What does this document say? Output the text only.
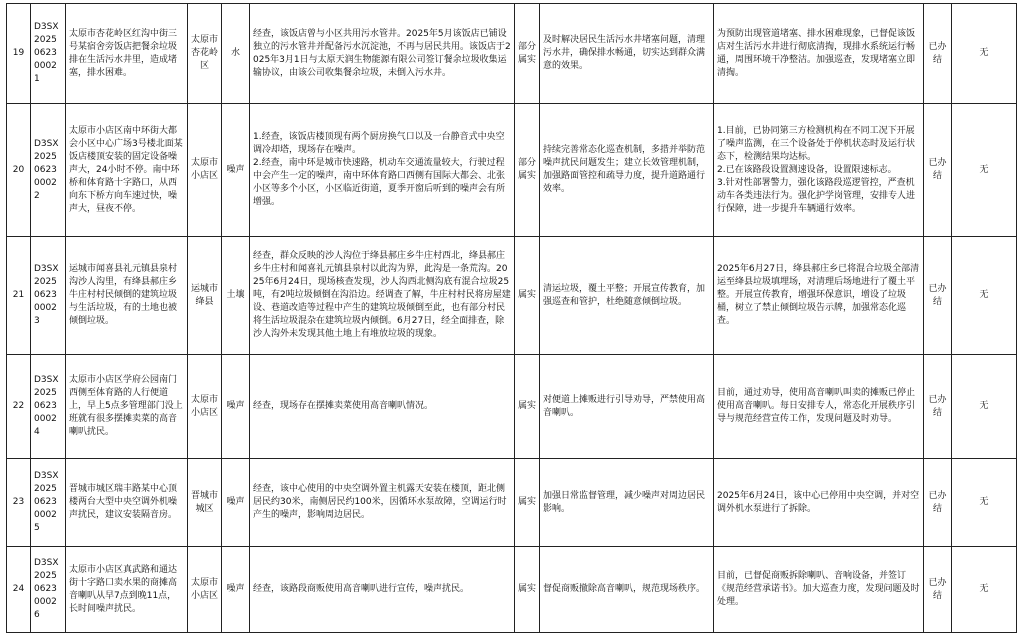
19	D3SX2025062300021	太原市杏花岭区红沟中街三号某宿舍旁饭店把餐余垃圾排在生活污水井里，造成堵塞，排水困难。	太原市杏花岭区	水	经查，该饭店曾与小区共用污水管井。2025年5月该饭店已铺设独立的污水管井并配备污水沉淀池，不再与居民共用。该饭店于2025年3月1日与太原天润生物能源有限公司签订餐余垃圾收集运输协议，由该公司收集餐余垃圾，未倒入污水井。	部分属实	及时解决居民生活污水井堵塞问题，清理污水井，确保排水畅通，切实达到群众满意的效果。	为预防出现管道堵塞、排水困难现象，已督促该饭店对生活污水井进行彻底清掏，现排水系统运行畅通，周围环境干净整洁。加强巡查，发现堵塞立即清掏。	已办结	无
20	D3SX2025062300022	太原市小店区南中环街大都会小区中心广场3号楼北面某饭店楼顶安装的固定设备噪声大，24小时不停。南中环桥和体育路十字路口，从西向东下桥方向车速过快，噪声大，昼夜不停。	太原市小店区	噪声	1.经查，该饭店楼顶现有两个厨房换气口以及一台静音式中央空调冷却塔，现场存在噪声。
2.经查，南中环是城市快速路，机动车交通流量较大，行驶过程中会产生一定的噪声，南中环体育路口西侧有国际大都会、北张小区等多个小区，小区临近街道，夏季开窗后听到的噪声会有所增强。	部分属实	持续完善常态化巡查机制，多措并举防范噪声扰民问题发生；建立长效管理机制，加强路面管控和疏导力度，提升道路通行效率。	1.目前，已协同第三方检测机构在不同工况下开展了噪声监测，在三个设备处于停机状态时及运行状态下，检测结果均达标。
2.已在该路段设置测速设备，设置限速标志。
3.针对性部署警力，强化该路段巡逻管控，严查机动车各类违法行为。强化护学岗管理，安排专人进行保障，进一步提升车辆通行效率。	已办结	无
21	D3SX2025062300023	运城市闻喜县礼元镇县泉村沟沙人沟里，有绛县郝庄乡牛庄村村民倾倒的建筑垃圾与生活垃圾，有的土地也被倾倒垃圾。	运城市绛县	土壤	经查，群众反映的沙人沟位于绛县郝庄乡牛庄村西北，绛县郝庄乡牛庄村和闻喜礼元镇县泉村以此沟为界，此沟是一条荒沟。2025年6月24日，现场核查发现，沙人沟西北侧沟底有混合垃圾25吨，有2吨垃圾倾倒在沟沿边。经调查了解，牛庄村村民将房屋建设、巷道改造等过程中产生的建筑垃圾倾倒至此，也有部分村民将生活垃圾混杂在建筑垃圾内倾倒。6月27日，经全面排查，除沙人沟外未发现其他土地上有堆放垃圾的现象。	属实	清运垃圾，覆土平整；开展宣传教育，加强巡查和管护，杜绝随意倾倒垃圾。	2025年6月27日，绛县郝庄乡已将混合垃圾全部清运至绛县垃圾填埋场，对清理后场地进行了覆土平整。开展宣传教育，增强环保意识，增设了垃圾桶，树立了禁止倾倒垃圾告示牌，加强常态化巡查。	已办结	无
22	D3SX2025062300024	太原市小店区学府公园南门西侧至体育路的人行便道上，早上5点多管理部门没上班就有很多摆摊卖菜的高音喇叭扰民。	太原市小店区	噪声	经查，现场存在摆摊卖菜使用高音喇叭情况。	属实	对便道上摊贩进行引导劝导，严禁使用高音喇叭。	目前，通过劝导，使用高音喇叭叫卖的摊贩已停止使用高音喇叭。每日安排专人，常态化开展秩序引导与规范经营宣传工作，发现问题及时劝导。	已办结	无
23	D3SX2025062300025	晋城市城区瑞丰路某中心顶楼两台大型中央空调外机噪声扰民，建议安装隔音房。	晋城市城区	噪声	经查，该中心使用的中央空调外置主机露天安装在楼顶，距北侧居民约30米，南侧居民约100米，因循环水泵故障，空调运行时产生的噪声，影响周边居民。	属实	加强日常监督管理，减少噪声对周边居民影响。	2025年6月24日，该中心已停用中央空调，并对空调外机水泵进行了拆除。	已办结	无
24	D3SX2025062300026	太原市小店区真武路和通达街十字路口卖水果的商摊高音喇叭从早7点到晚11点，长时间噪声扰民。	太原市小店区	噪声	经查，该路段商贩使用高音喇叭进行宣传，噪声扰民。	属实	督促商贩撤除高音喇叭，规范现场秩序。	目前，已督促商贩拆除喇叭、音响设备，并签订《规范经营承诺书》。加大巡查力度，发现问题及时处理。	已办结	无
